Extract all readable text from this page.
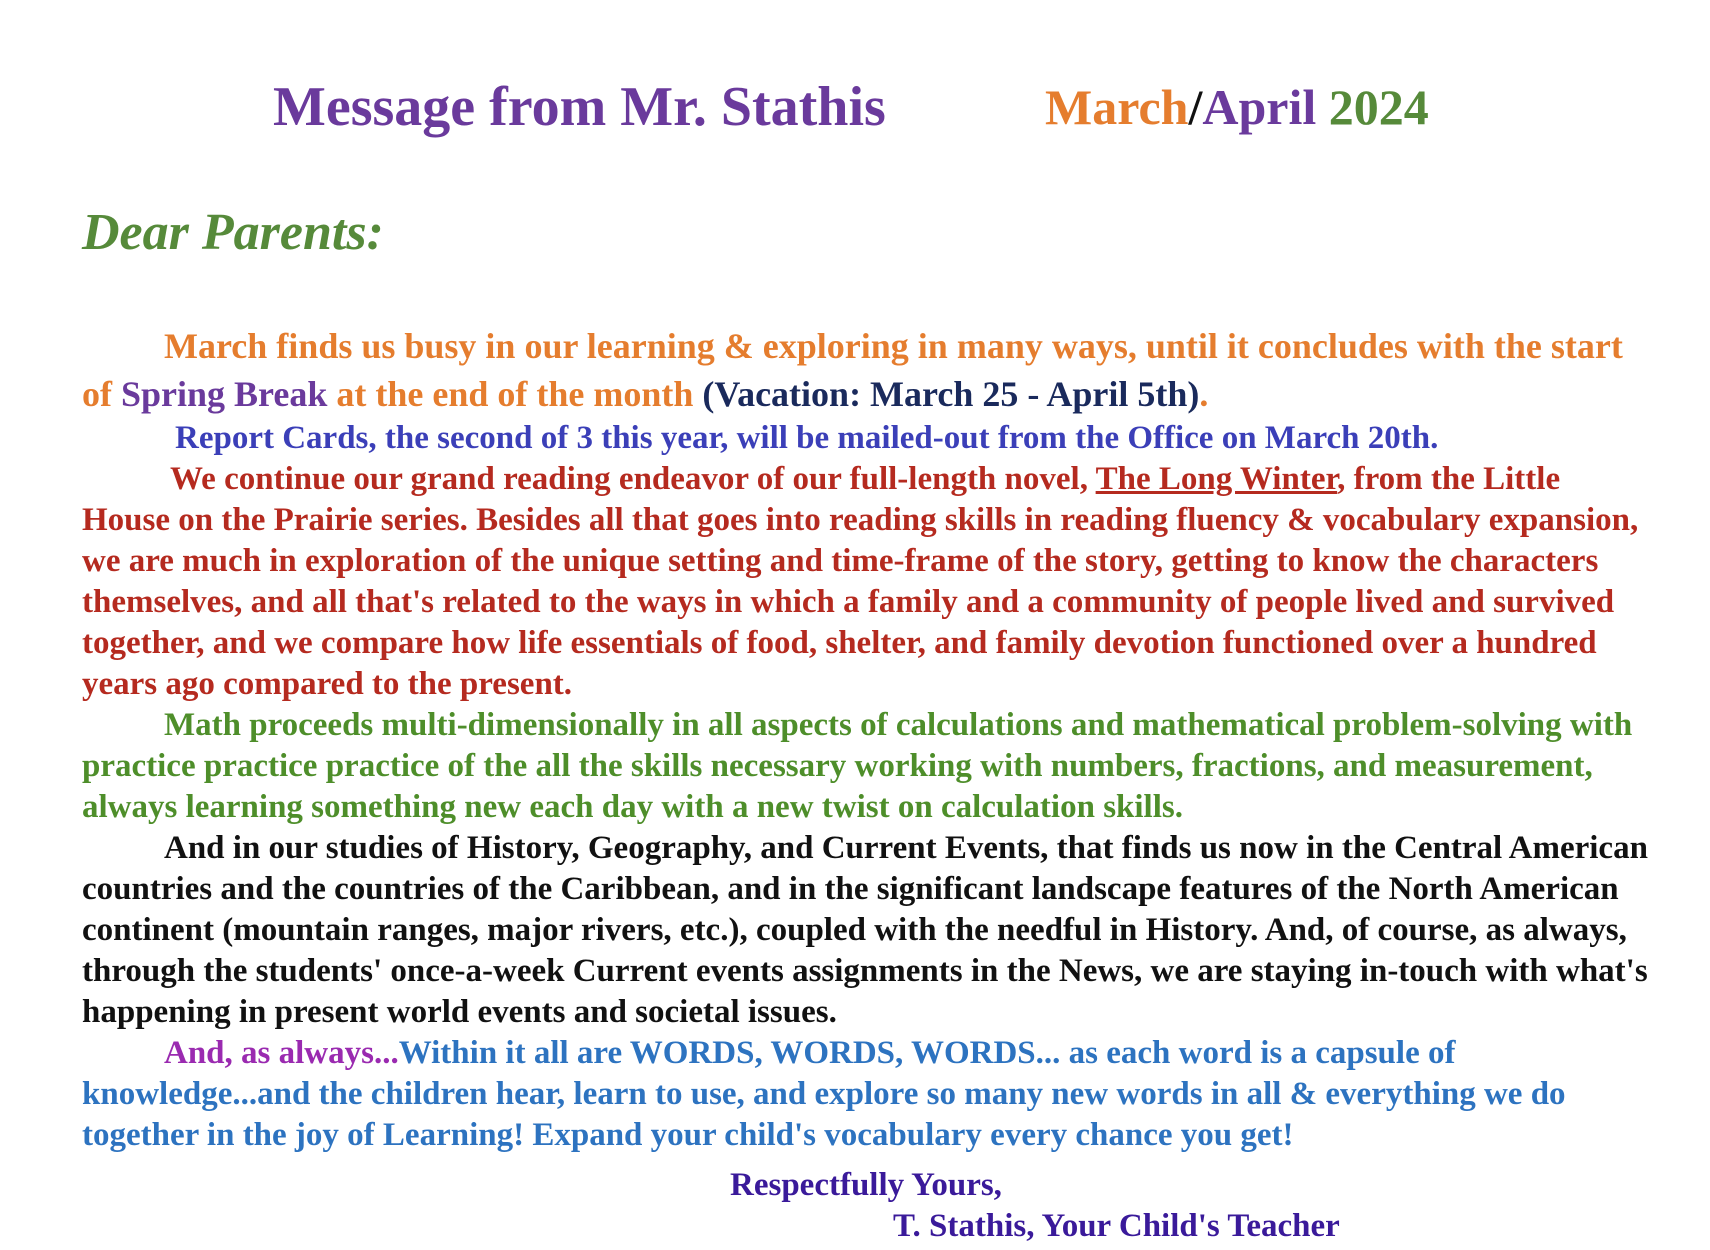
Message from Mr. Stathis	March/April 2024
Dear Parents:

March finds us busy in our learning & exploring in many ways, until it concludes with the start of Spring Break at the end of the month (Vacation: March 25 - April 5th).

Report Cards, the second of 3 this year, will be mailed-out from the Office on March 20th.

We continue our grand reading endeavor of our full-length novel, The Long Winter, from the Little House on the Prairie series. Besides all that goes into reading skills in reading fluency & vocabulary expansion, we are much in exploration of the unique setting and time-frame of the story, getting to know the characters themselves, and all that's related to the ways in which a family and a community of people lived and survived together, and we compare how life essentials of food, shelter, and family devotion functioned over a hundred years ago compared to the present.

Math proceeds multi-dimensionally in all aspects of calculations and mathematical problem-solving with practice practice practice of the all the skills necessary working with numbers, fractions, and measurement, always learning something new each day with a new twist on calculation skills.

And in our studies of History, Geography, and Current Events, that finds us now in the Central American countries and the countries of the Caribbean, and in the significant landscape features of the North American continent (mountain ranges, major rivers, etc.), coupled with the needful in History. And, of course, as always, through the students' once-a-week Current events assignments in the News, we are staying in-touch with what's happening in present world events and societal issues.

And, as always...Within it all are WORDS, WORDS, WORDS... as each word is a capsule of knowledge...and the children hear, learn to use, and explore so many new words in all & everything we do together in the joy of Learning! Expand your child's vocabulary every chance you get!

Respectfully Yours,
T. Stathis, Your Child's Teacher
